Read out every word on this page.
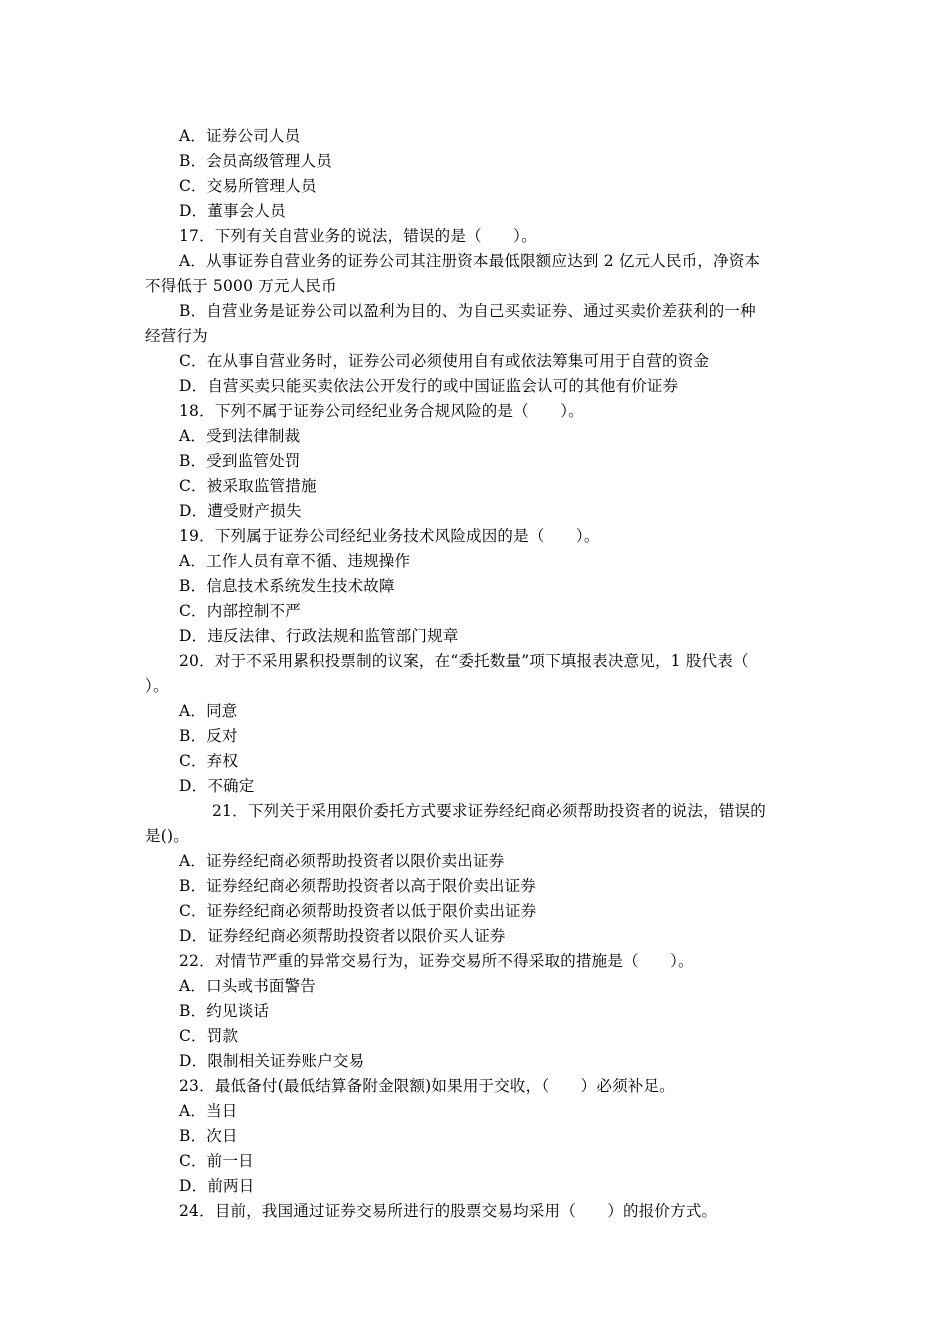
A．证券公司人员
B．会员高级管理人员
C．交易所管理人员
D．董事会人员
17．下列有关自营业务的说法，错误的是（　　）。
A．从事证券自营业务的证券公司其注册资本最低限额应达到 2 亿元人民币，净资本
不得低于 5000 万元人民币
B．自营业务是证券公司以盈利为目的、为自己买卖证券、通过买卖价差获利的一种
经营行为
C．在从事自营业务时，证券公司必须使用自有或依法筹集可用于自营的资金
D．自营买卖只能买卖依法公开发行的或中国证监会认可的其他有价证券
18．下列不属于证券公司经纪业务合规风险的是（　　）。
A．受到法律制裁
B．受到监管处罚
C．被采取监管措施
D．遭受财产损失
19．下列属于证券公司经纪业务技术风险成因的是（　　）。
A．工作人员有章不循、违规操作
B．信息技术系统发生技术故障
C．内部控制不严
D．违反法律、行政法规和监管部门规章
20．对于不采用累积投票制的议案，在“委托数量”项下填报表决意见，1 股代表（
）。
A．同意
B．反对
C．弃权
D．不确定
21．下列关于采用限价委托方式要求证券经纪商必须帮助投资者的说法，错误的
是()。
A．证券经纪商必须帮助投资者以限价卖出证券
B．证券经纪商必须帮助投资者以高于限价卖出证券
C．证券经纪商必须帮助投资者以低于限价卖出证券
D．证券经纪商必须帮助投资者以限价买人证券
22．对情节严重的异常交易行为，证券交易所不得采取的措施是（　　）。
A．口头或书面警告
B．约见谈话
C．罚款
D．限制相关证券账户交易
23．最低备付(最低结算备附金限额)如果用于交收，（　　）必须补足。
A．当日
B．次日
C．前一日
D．前两日
24．目前，我国通过证券交易所进行的股票交易均采用（　　）的报价方式。
